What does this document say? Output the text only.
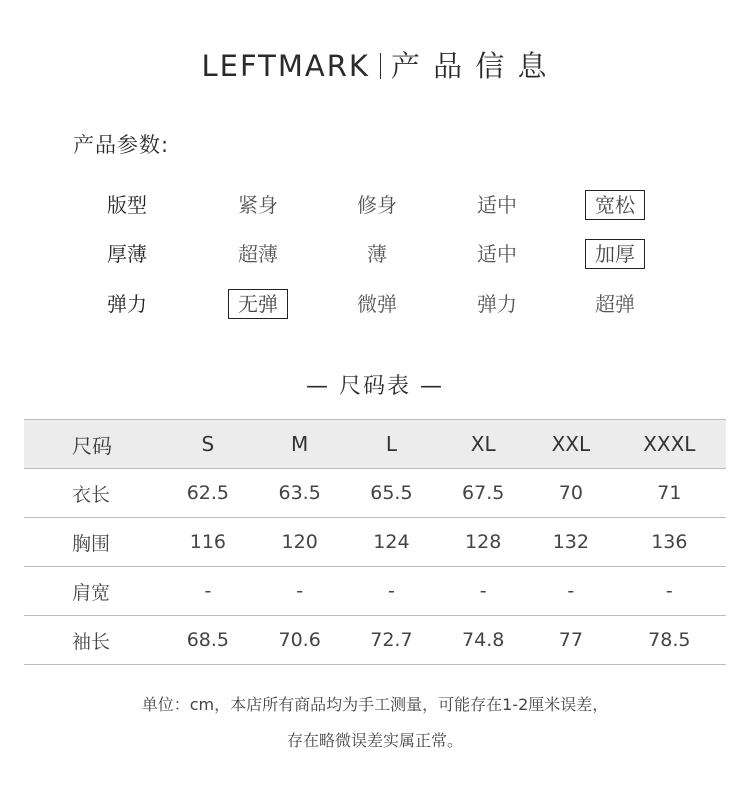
LEFTMARK 产 品 信 息
产品参数:
版型	紧身	修身	适中	宽松
厚薄	超薄	薄	适中	加厚
弹力	无弹	微弹	弹力	超弹
— 尺码表 —
尺码	S	M	L	XL	XXL	XXXL
衣长	62.5	63.5	65.5	67.5	70	71
胸围	116	120	124	128	132	136
肩宽	-	-	-	-	-	-
袖长	68.5	70.6	72.7	74.8	77	78.5
单位：cm，本店所有商品均为手工测量，可能存在1-2厘米误差，
存在略微误差实属正常。
